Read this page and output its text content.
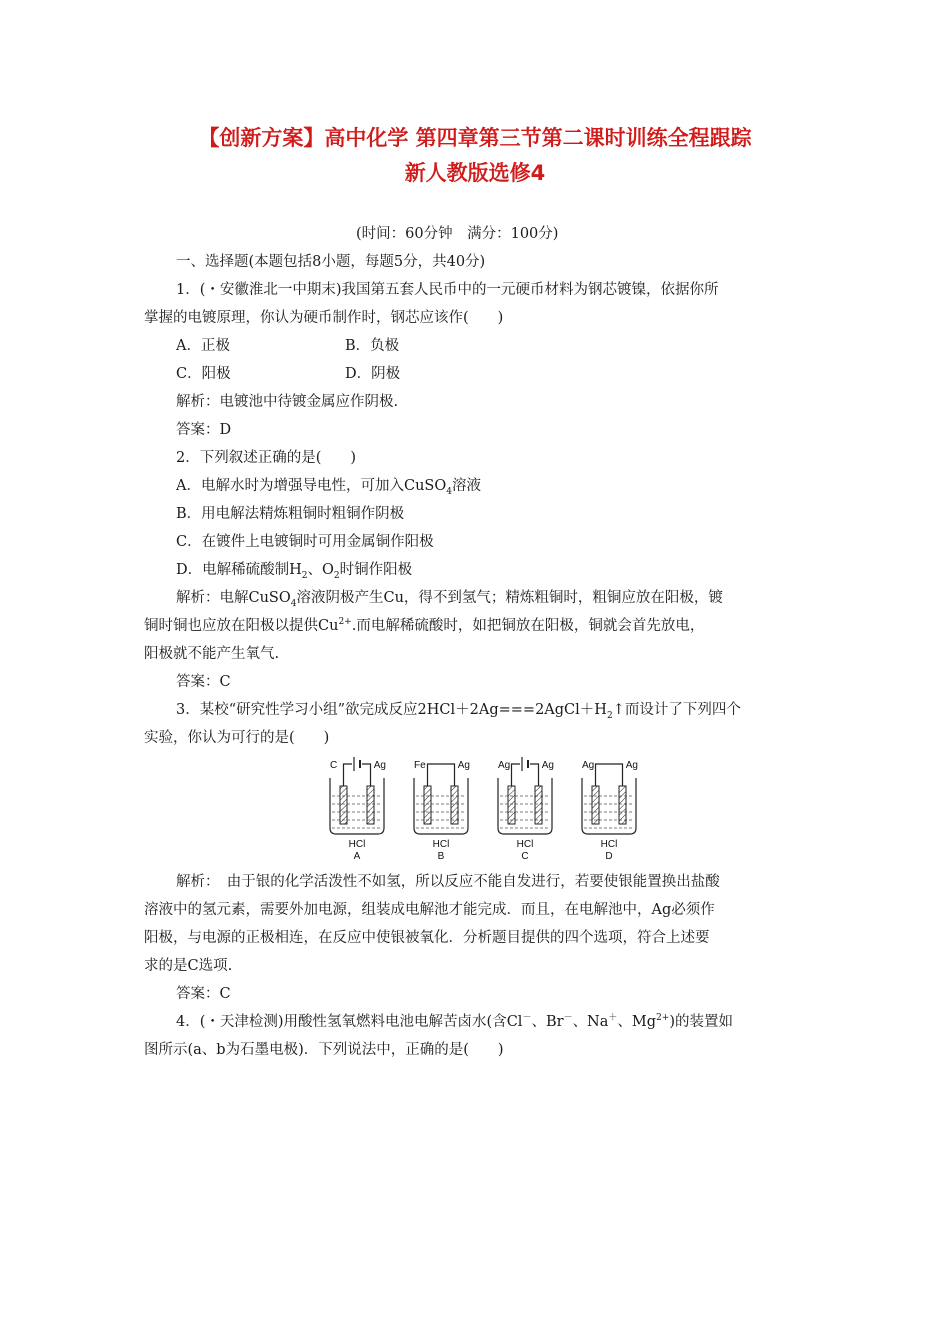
【创新方案】高中化学 第四章第三节第二课时训练全程跟踪
新人教版选修4
(时间：60分钟　满分：100分)
一、选择题(本题包括8小题，每题5分，共40分)
1．(・安徽淮北一中期末)我国第五套人民币中的一元硬币材料为钢芯镀镍，依据你所
掌握的电镀原理，你认为硬币制作时，钢芯应该作(　　)
A．正极	B．负极
C．阳极	D．阴极
解析：电镀池中待镀金属应作阴极.
答案：D
2．下列叙述正确的是(　　)
A．电解水时为增强导电性，可加入CuSO$_4$溶液
B．用电解法精炼粗铜时粗铜作阴极
C．在镀件上电镀铜时可用金属铜作阳极
D．电解稀硫酸制$H_2$、$O_2$时铜作阳极
解析：电解CuSO$_4$溶液阴极产生Cu，得不到氢气；精炼粗铜时，粗铜应放在阳极，镀
铜时铜也应放在阳极以提供$Cu^{2+}$.而电解稀硫酸时，如把铜放在阳极，铜就会首先放电，
阳极就不能产生氧气.
答案：C
3．某校“研究性学习小组”欲完成反应$2HCl+2Ag===2AgCl+H_2↑$而设计了下列四个
实验，你认为可行的是(　　)
C	Ag
HCl
A
Fe	Ag
HCl
B
Ag	Ag
HCl
C
Ag	Ag
HCl
D
解析：　由于银的化学活泼性不如氢，所以反应不能自发进行，若要使银能置换出盐酸
溶液中的氢元素，需要外加电源，组装成电解池才能完成．而且，在电解池中，Ag必须作
阳极，与电源的正极相连，在反应中使银被氧化．分析题目提供的四个选项，符合上述要
求的是C选项.
答案：C
4．(・天津检测)用酸性氢氧燃料电池电解苦卤水(含Cl－、Br－、Na＋、$Mg^{2+}$)的装置如
图所示(a、b为石墨电极)．下列说法中，正确的是(　　)
